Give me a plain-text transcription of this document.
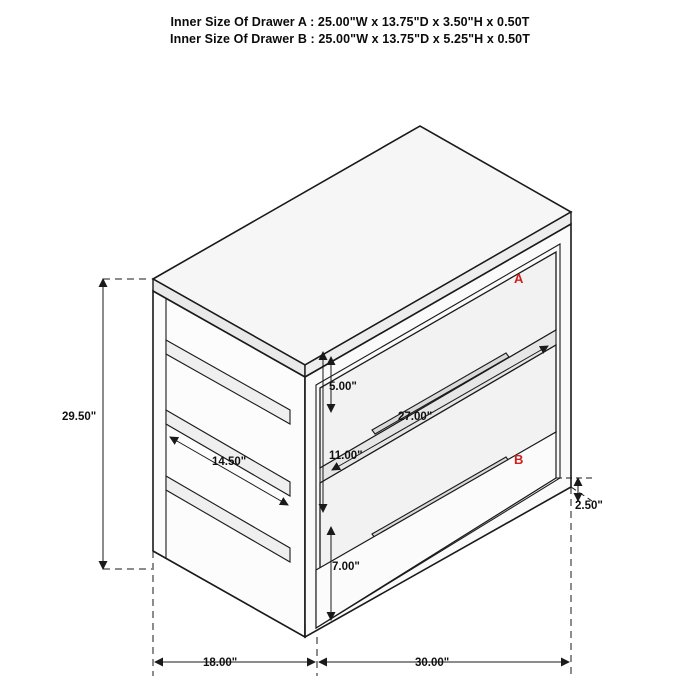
Inner Size Of Drawer A : 25.00"W x 13.75"D x 3.50"H x 0.50T
Inner Size Of Drawer B : 25.00"W x 13.75"D x 5.25"H x 0.50T
29.50"
14.50"
27.00"
5.00"
11.00"
7.00"
2.50"
18.00"	30.00"
A
B
